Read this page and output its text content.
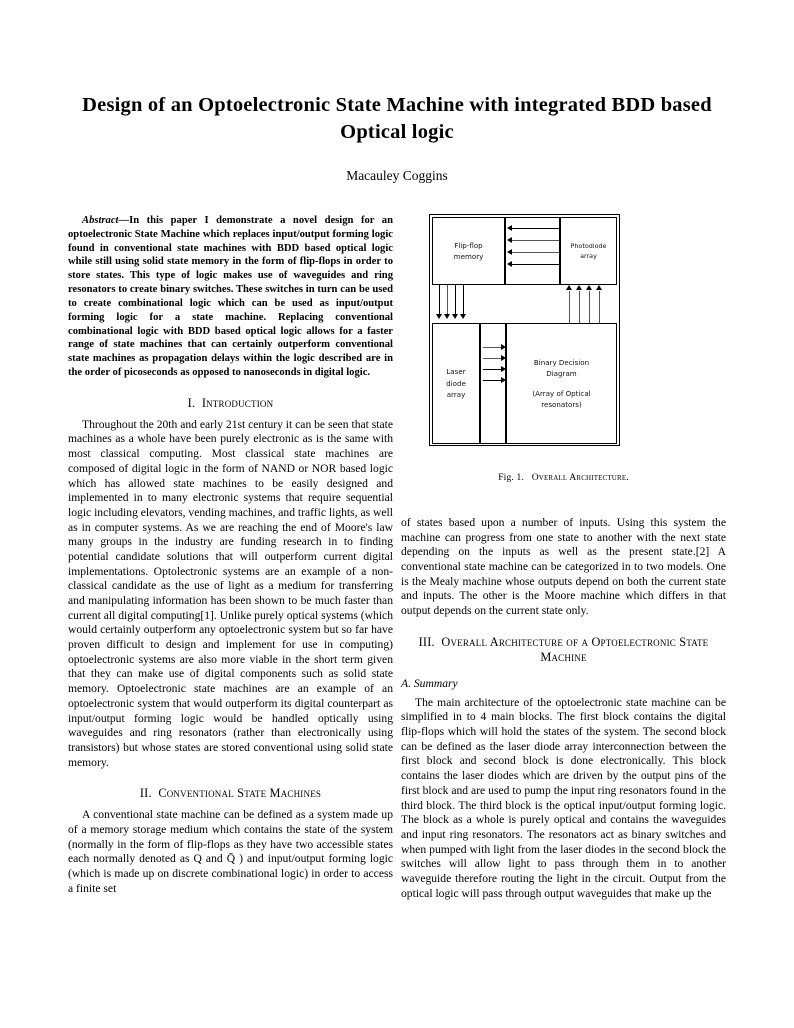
Design of an Optoelectronic State Machine with integrated BDD based Optical logic
Macauley Coggins

Abstract—In this paper I demonstrate a novel design for an optoelectronic State Machine which replaces input/output forming logic found in conventional state machines with BDD based optical logic while still using solid state memory in the form of flip-flops in order to store states. This type of logic makes use of waveguides and ring resonators to create binary switches. These switches in turn can be used to create combinational logic which can be used as input/output forming logic for a state machine. Replacing conventional combinational logic with BDD based optical logic allows for a faster range of state machines that can certainly outperform conventional state machines as propagation delays within the logic described are in the order of picoseconds as opposed to nanoseconds in digital logic.

I. Introduction

Throughout the 20th and early 21st century it can be seen that state machines as a whole have been purely electronic as is the same with most classical computing. Most classical state machines are composed of digital logic in the form of NAND or NOR based logic which has allowed state machines to be easily designed and implemented in to many electronic systems that require sequential logic including elevators, vending machines, and traffic lights, as well as in computer systems. As we are reaching the end of Moore's law many groups in the industry are funding research in to finding potential candidate solutions that will outperform current digital implementations. Optolectronic systems are an example of a non-classical candidate as the use of light as a medium for transferring and manipulating information has been shown to be much faster than current all digital computing[1]. Unlike purely optical systems (which would certainly outperform any optoelectronic system but so far have proven difficult to design and implement for use in computing) optoelectronic systems are also more viable in the short term given that they can make use of digital components such as solid state memory. Optoelectronic state machines are an example of an optoelectronic system that would outperform its digital counterpart as input/output forming logic would be handled optically using waveguides and ring resonators (rather than electronically using transistors) but whose states are stored conventional using solid state memory.

II. Conventional State Machines

A conventional state machine can be defined as a system made up of a memory storage medium which contains the state of the system (normally in the form of flip-flops as they have two accessible states each normally denoted as Q and Q̄ ) and input/output forming logic (which is made up on discrete combinational logic) in order to access a finite set

Flip-flop
memory
Photodiode
array
Laser
diode
array
Binary Decision
Diagram
(Array of Optical
resonators)
Fig. 1. Overall Architecture.

of states based upon a number of inputs. Using this system the machine can progress from one state to another with the next state depending on the inputs as well as the present state.[2] A conventional state machine can be categorized in to two models. One is the Mealy machine whose outputs depend on both the current state and inputs. The other is the Moore machine which differs in that output depends on the current state only.

III. Overall Architecture of a Optoelectronic State Machine
A. Summary

The main architecture of the optoelectronic state machine can be simplified in to 4 main blocks. The first block contains the digital flip-flops which will hold the states of the system. The second block can be defined as the laser diode array interconnection between the first block and second block is done electronically. This block contains the laser diodes which are driven by the output pins of the first block and are used to pump the input ring resonators found in the third block. The third block is the optical input/output forming logic. The block as a whole is purely optical and contains the waveguides and input ring resonators. The resonators act as binary switches and when pumped with light from the laser diodes in the second block the switches will allow light to pass through them in to another waveguide therefore routing the light in the circuit. Output from the optical logic will pass through output waveguides that make up the
